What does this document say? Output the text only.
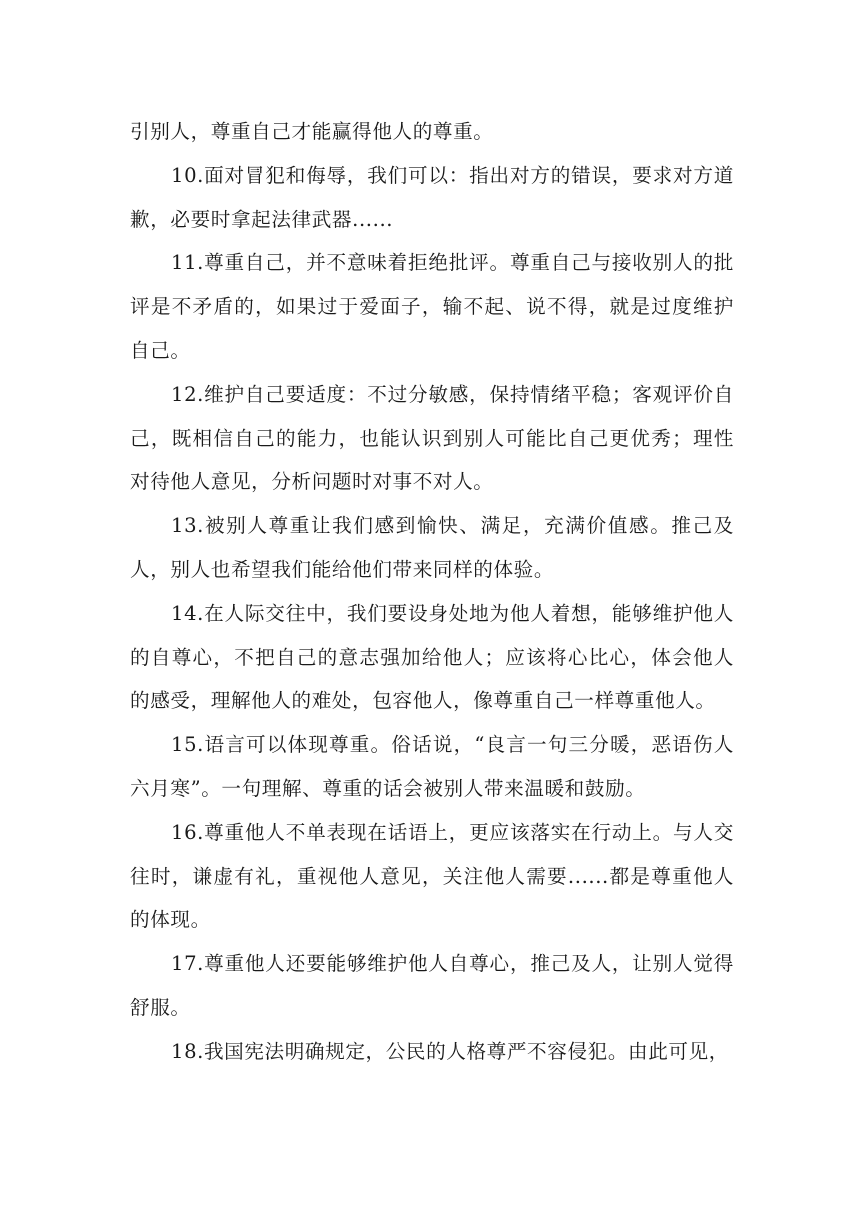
引别人，尊重自己才能赢得他人的尊重。

10.面对冒犯和侮辱，我们可以：指出对方的错误，要求对方道歉，必要时拿起法律武器......

11.尊重自己，并不意味着拒绝批评。尊重自己与接收别人的批评是不矛盾的，如果过于爱面子，输不起、说不得，就是过度维护自己。

12.维护自己要适度：不过分敏感，保持情绪平稳；客观评价自己，既相信自己的能力，也能认识到别人可能比自己更优秀；理性对待他人意见，分析问题时对事不对人。

13.被别人尊重让我们感到愉快、满足，充满价值感。推己及人，别人也希望我们能给他们带来同样的体验。

14.在人际交往中，我们要设身处地为他人着想，能够维护他人的自尊心，不把自己的意志强加给他人；应该将心比心，体会他人的感受，理解他人的难处，包容他人，像尊重自己一样尊重他人。

15.语言可以体现尊重。俗话说，“良言一句三分暖，恶语伤人六月寒”。一句理解、尊重的话会被别人带来温暖和鼓励。

16.尊重他人不单表现在话语上，更应该落实在行动上。与人交往时，谦虚有礼，重视他人意见，关注他人需要......都是尊重他人的体现。

17.尊重他人还要能够维护他人自尊心，推己及人，让别人觉得舒服。

18.我国宪法明确规定，公民的人格尊严不容侵犯。由此可见，
